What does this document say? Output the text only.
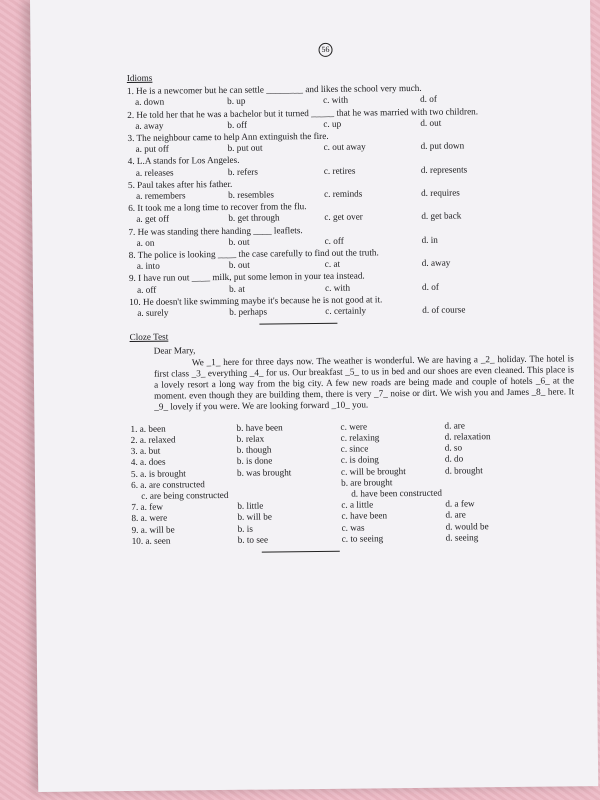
56
Idioms

1. He is a newcomer but he can settle ________ and likes the school very much.

a. down	b. up	c. with	d. of

2. He told her that he was a bachelor but it turned _____ that he was married with two children.

a. away	b. off	c. up	d. out

3. The neighbour came to help Ann extinguish the fire.

a. put off	b. put out	c. out away	d. put down

4. L.A stands for Los Angeles.

a. releases	b. refers	c. retires	d. represents

5. Paul takes after his father.

a. remembers	b. resembles	c. reminds	d. requires

6. It took me a long time to recover from the flu.

a. get off	b. get through	c. get over	d. get back

7. He was standing there handing ____ leaflets.

a. on	b. out	c. off	d. in

8. The police is looking ____ the case carefully to find out the truth.

a. into	b. out	c. at	d. away

9. I have run out ____ milk, put some lemon in your tea instead.

a. off	b. at	c. with	d. of

10. He doesn't like swimming maybe it's because he is not good at it.

a. surely	b. perhaps	c. certainly	d. of course
Cloze Test

Dear Mary,

We _1_ here for three days now. The weather is wonderful. We are having a _2_ holiday. The hotel is first class _3_ everything _4_ for us. Our breakfast _5_ to us in bed and our shoes are even cleaned. This place is a lovely resort a long way from the big city. A few new roads are being made and couple of hotels _6_ at the moment. even though they are building them, there is very _7_ noise or dirt. We wish you and James _8_ here. It _9_ lovely if you were. We are looking forward _10_ you.

1. a. been	b. have been	c. were	d. are
2. a. relaxed	b. relax	c. relaxing	d. relaxation
3. a. but	b. though	c. since	d. so
4. a. does	b. is done	c. is doing	d. do
5. a. is brought	b. was brought	c. will be brought	d. brought
6. a. are constructed	b. are brought
c. are being constructed	d. have been constructed
7. a. few	b. little	c. a little	d. a few
8. a. were	b. will be	c. have been	d. are
9. a. will be	b. is	c. was	d. would be
10. a. seen	b. to see	c. to seeing	d. seeing
